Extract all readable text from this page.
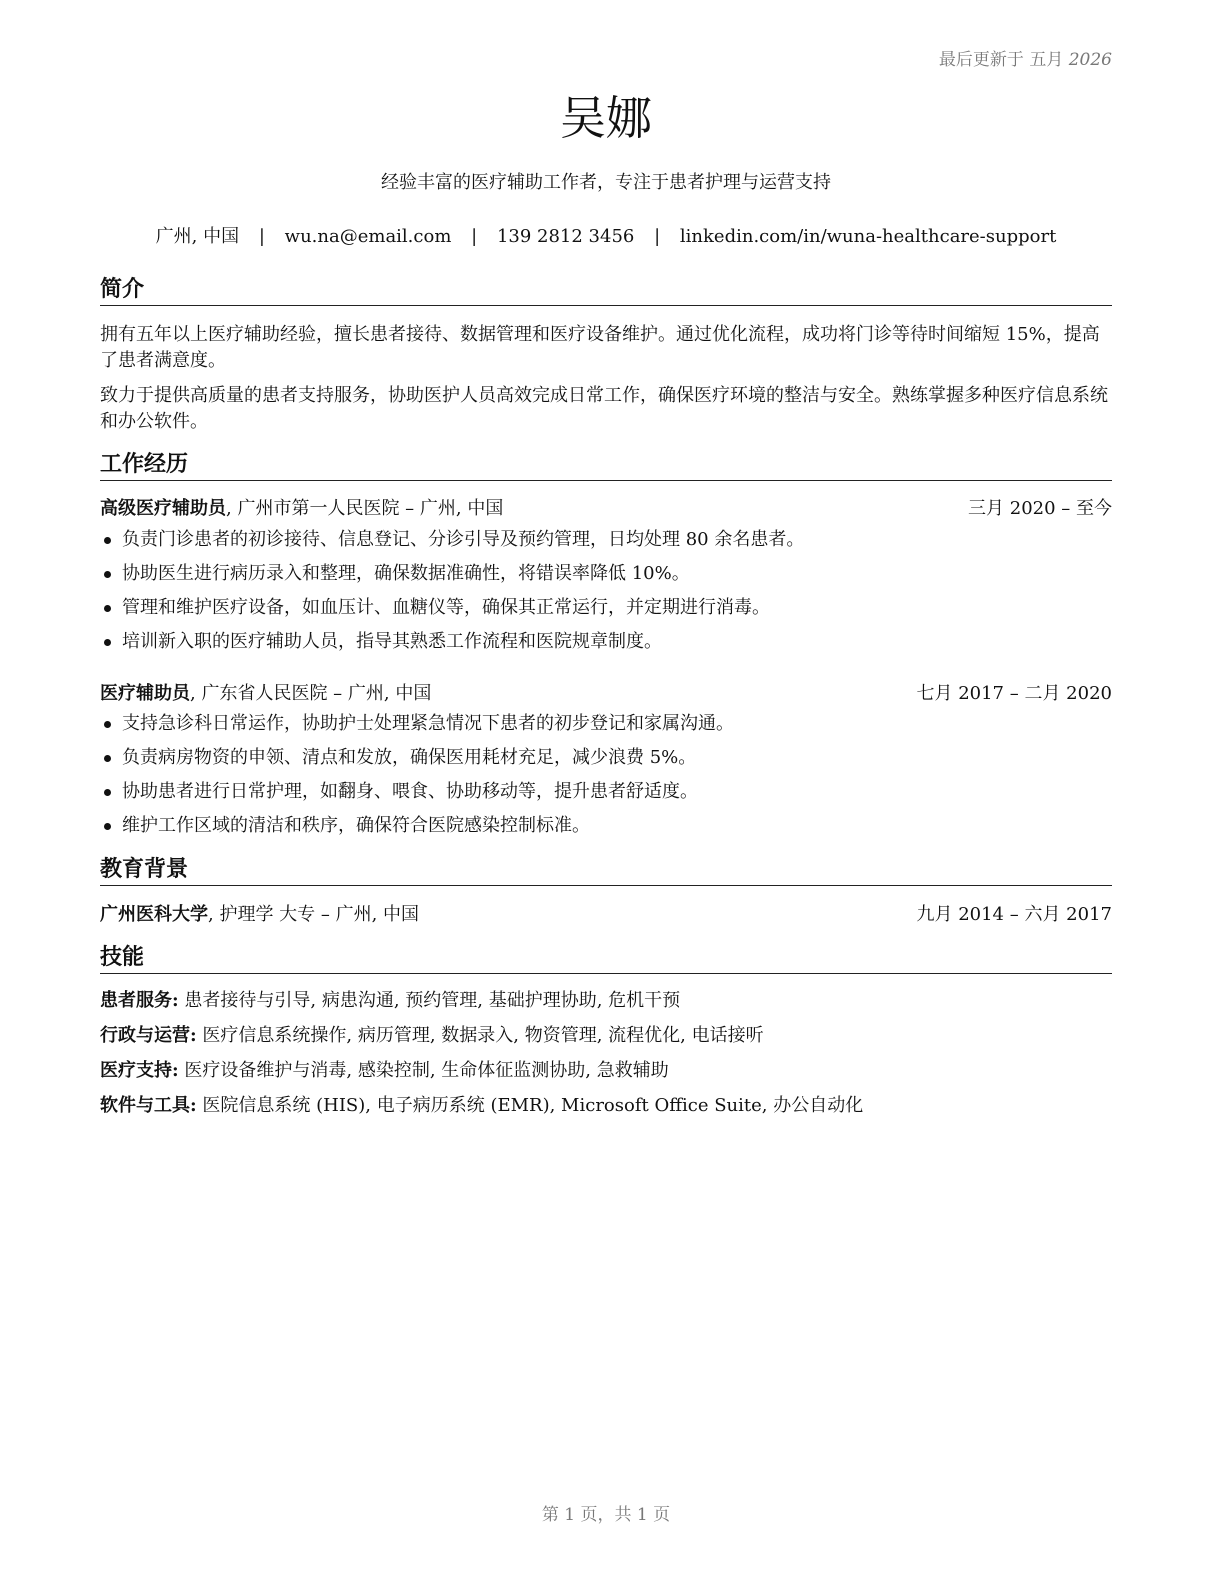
最后更新于 五月 2026
吴娜
经验丰富的医疗辅助工作者，专注于患者护理与运营支持
广州, 中国 | wu.na@email.com | 139 2812 3456 | linkedin.com/in/wuna-healthcare-support
简介

拥有五年以上医疗辅助经验，擅长患者接待、数据管理和医疗设备维护。通过优化流程，成功将门诊等待时间缩短 15%，提高了患者满意度。

致力于提供高质量的患者支持服务，协助医护人员高效完成日常工作，确保医疗环境的整洁与安全。熟练掌握多种医疗信息系统和办公软件。

工作经历
高级医疗辅助员, 广州市第一人民医院 – 广州, 中国	三月 2020 – 至今
负责门诊患者的初诊接待、信息登记、分诊引导及预约管理，日均处理 80 余名患者。
协助医生进行病历录入和整理，确保数据准确性，将错误率降低 10%。
管理和维护医疗设备，如血压计、血糖仪等，确保其正常运行，并定期进行消毒。
培训新入职的医疗辅助人员，指导其熟悉工作流程和医院规章制度。
医疗辅助员, 广东省人民医院 – 广州, 中国	七月 2017 – 二月 2020
支持急诊科日常运作，协助护士处理紧急情况下患者的初步登记和家属沟通。
负责病房物资的申领、清点和发放，确保医用耗材充足，减少浪费 5%。
协助患者进行日常护理，如翻身、喂食、协助移动等，提升患者舒适度。
维护工作区域的清洁和秩序，确保符合医院感染控制标准。
教育背景
广州医科大学, 护理学 大专 – 广州, 中国	九月 2014 – 六月 2017
技能
患者服务: 患者接待与引导, 病患沟通, 预约管理, 基础护理协助, 危机干预
行政与运营: 医疗信息系统操作, 病历管理, 数据录入, 物资管理, 流程优化, 电话接听
医疗支持: 医疗设备维护与消毒, 感染控制, 生命体征监测协助, 急救辅助
软件与工具: 医院信息系统 (HIS), 电子病历系统 (EMR), Microsoft Office Suite, 办公自动化
第 1 页，共 1 页
